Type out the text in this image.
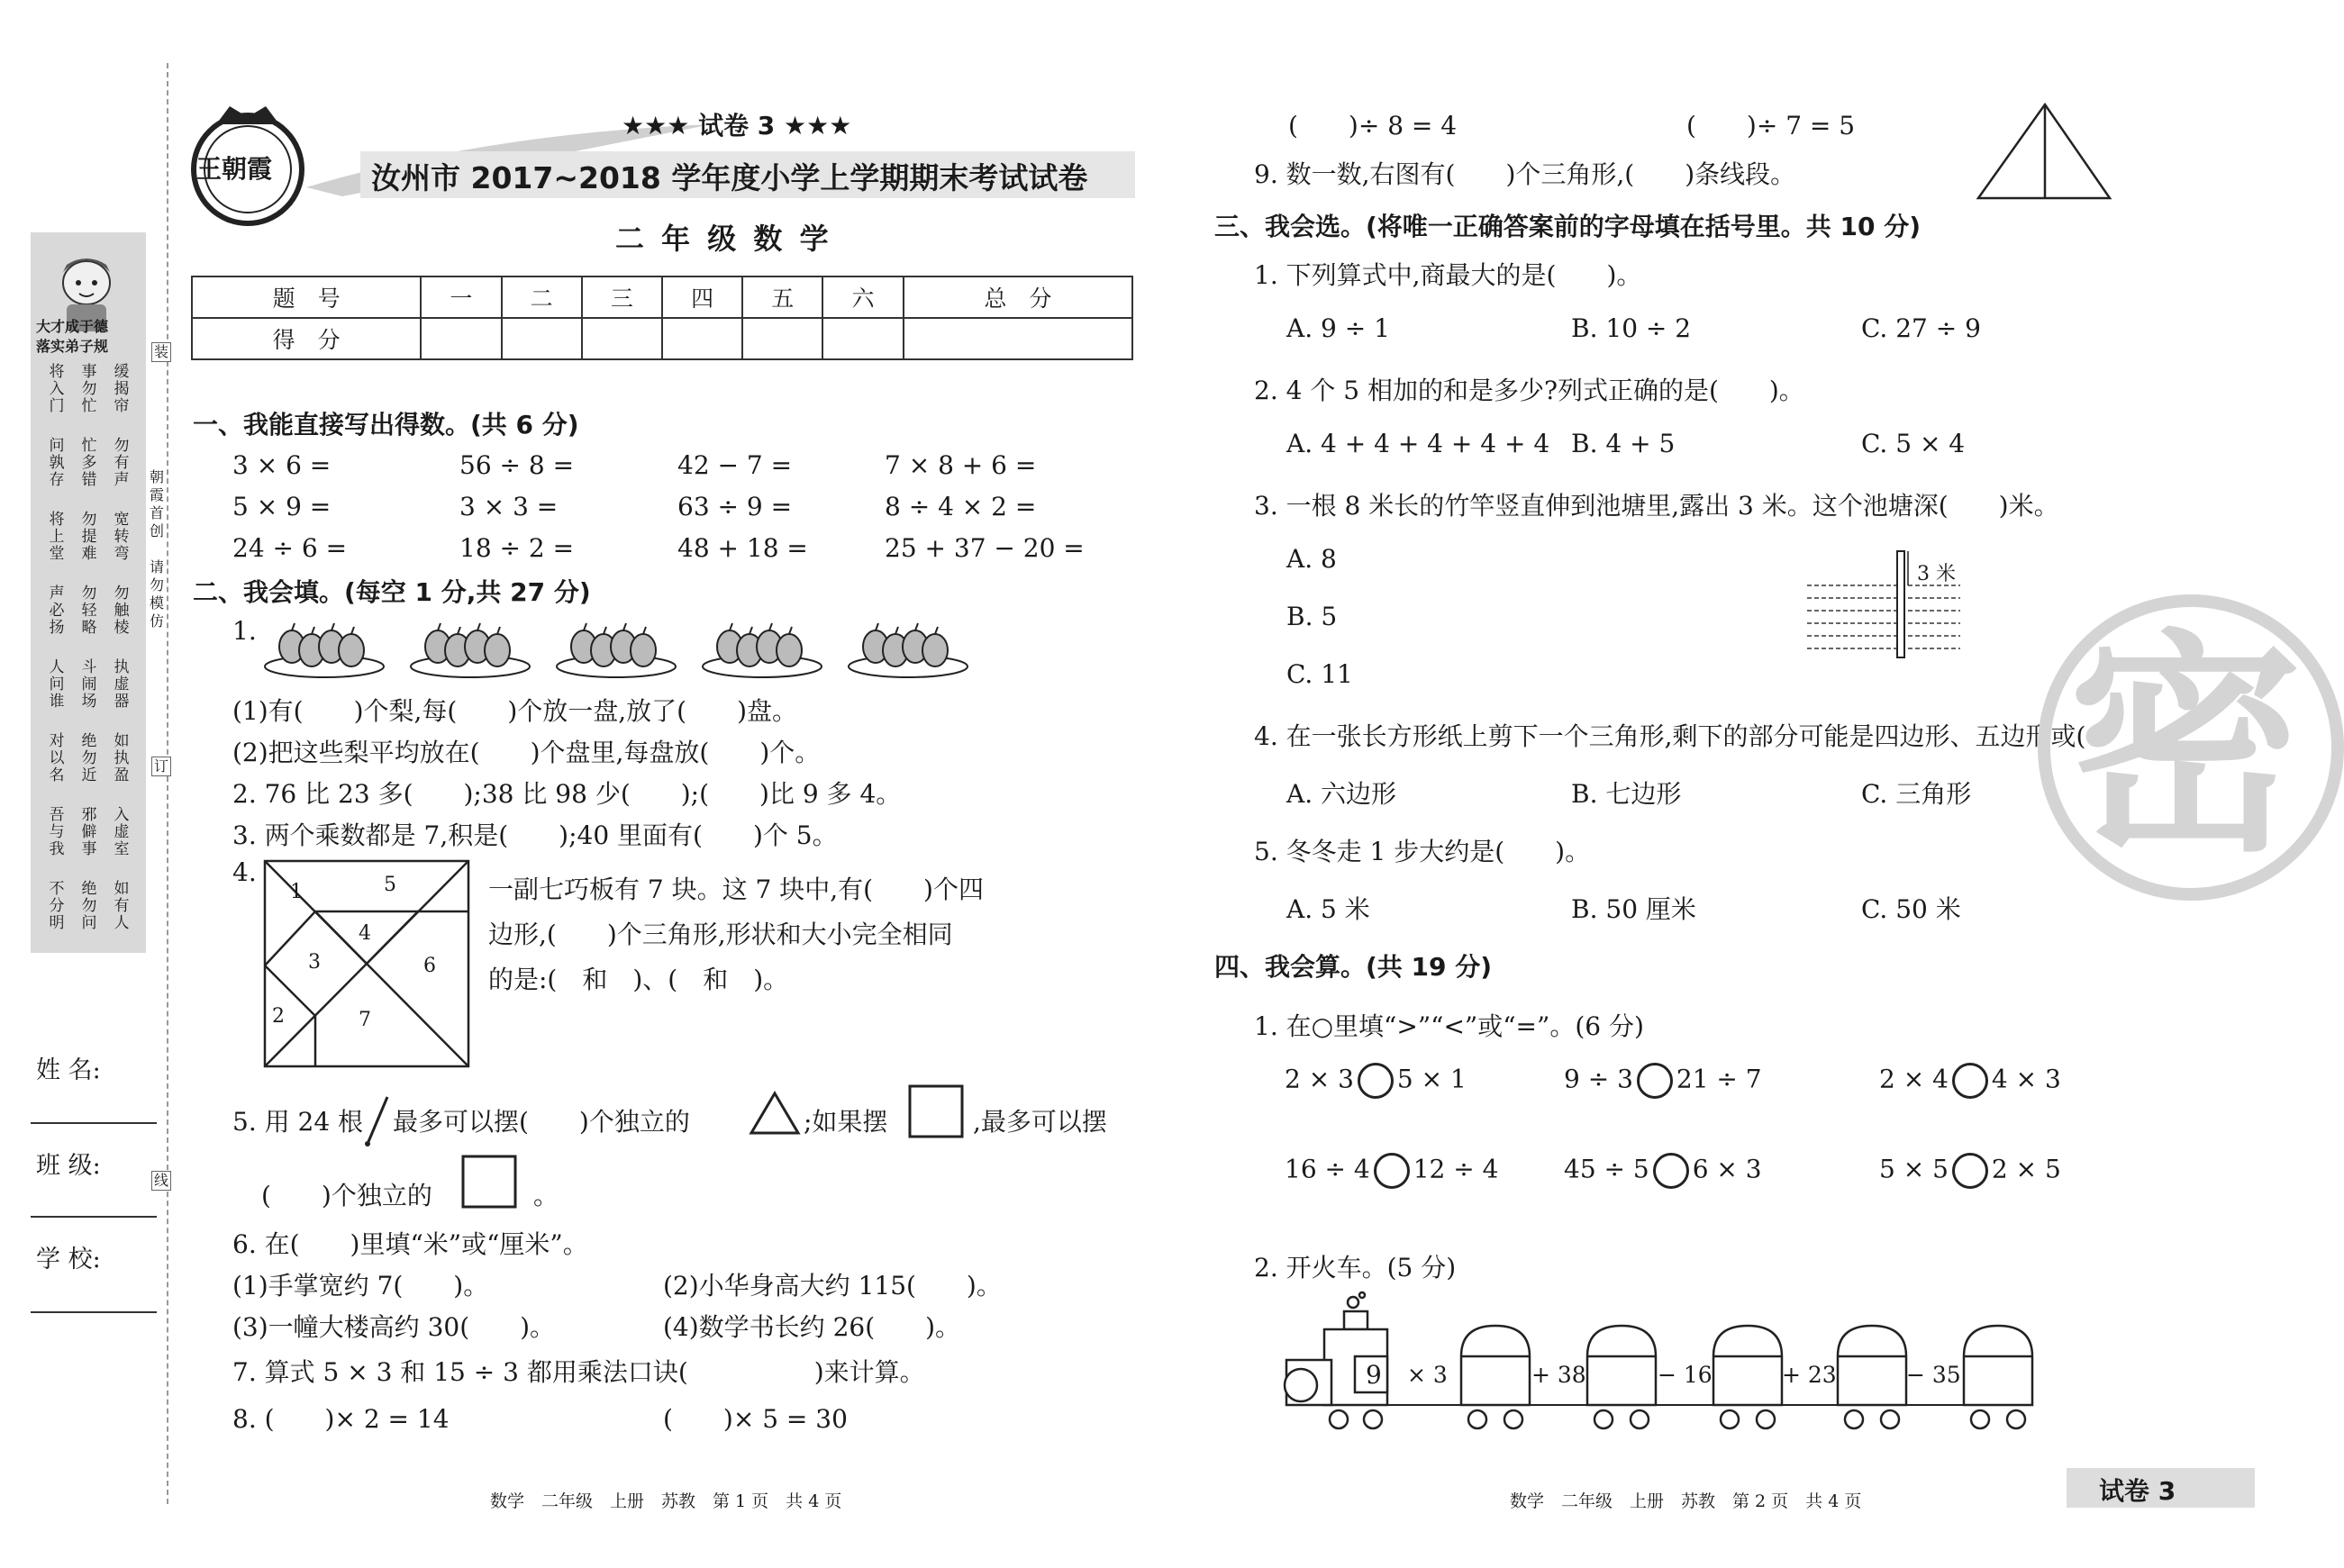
装
订
线
朝霞首创
请勿模仿
大才成于德
落实弟子规
将入门
事勿忙
缓揭帘
问孰存
忙多错
勿有声
将上堂
勿提难
宽转弯
声必扬
勿轻略
勿触棱
人问谁
斗闹场
执虚器
对以名
绝勿近
如执盈
吾与我
邪僻事
入虚室
不分明
绝勿问
如有人
姓 名:
班 级:
学 校:
王朝霞
★★★ 试卷 3 ★★★
汝州市 2017~2018 学年度小学上学期期末考试试卷
二 年 级 数 学
题　号	一	二	三	四	五	六	总　分
得　分							
一、我能直接写出得数。(共 6 分)
3 × 6 =	56 ÷ 8 =	42 − 7 =	7 × 8 + 6 =
5 × 9 =	3 × 3 =	63 ÷ 9 =	8 ÷ 4 × 2 =
24 ÷ 6 =	18 ÷ 2 =	48 + 18 =	25 + 37 − 20 =
二、我会填。(每空 1 分,共 27 分)
1.
(1)有(　　)个梨,每(　　)个放一盘,放了(　　)盘。
(2)把这些梨平均放在(　　)个盘里,每盘放(　　)个。
2. 76 比 23 多(　　);38 比 98 少(　　);(　　)比 9 多 4。
3. 两个乘数都是 7,积是(　　);40 里面有(　　)个 5。
4.
1	5
4
3	6
2	7
一副七巧板有 7 块。这 7 块中,有(　　)个四
边形,(　　)个三角形,形状和大小完全相同
的是:(　和　)、(　和　)。
5. 用 24 根 最多可以摆(　　)个独立的	;如果摆	,最多可以摆
(　　)个独立的	。
6. 在(　　)里填“米”或“厘米”。
(1)手掌宽约 7(　　)。	(2)小华身高大约 115(　　)。
(3)一幢大楼高约 30(　　)。	(4)数学书长约 26(　　)。
7. 算式 5 × 3 和 15 ÷ 3 都用乘法口诀(　　　　　)来计算。
8. (　　)× 2 = 14	(　　)× 5 = 30
数学　二年级　上册　苏教　第 1 页　共 4 页
(　　)÷ 8 = 4	(　　)÷ 7 = 5
9. 数一数,右图有(　　)个三角形,(　　)条线段。
三、我会选。(将唯一正确答案前的字母填在括号里。共 10 分)
1. 下列算式中,商最大的是(　　)。
A. 9 ÷ 1	B. 10 ÷ 2	C. 27 ÷ 9
2. 4 个 5 相加的和是多少?列式正确的是(　　)。
A. 4 + 4 + 4 + 4 + 4 B. 4 + 5	C. 5 × 4
3. 一根 8 米长的竹竿竖直伸到池塘里,露出 3 米。这个池塘深(　　)米。
A. 8
B. 5
C. 11
3 米
4. 在一张长方形纸上剪下一个三角形,剩下的部分可能是四边形、五边形或(　　)。
A. 六边形	B. 七边形	C. 三角形
5. 冬冬走 1 步大约是(　　)。
A. 5 米	B. 50 厘米	C. 50 米
密
四、我会算。(共 19 分)
1. 在○里填“>”“<”或“=”。(6 分)
2 × 3 5 × 1	9 ÷ 3 21 ÷ 7	2 × 4 4 × 3
16 ÷ 4 12 ÷ 4	45 ÷ 5 6 × 3	5 × 5 2 × 5
2. 开火车。(5 分)
9 × 3	+ 38	− 16	+ 23	− 35
数学　二年级　上册　苏教　第 2 页　共 4 页	试卷 3
